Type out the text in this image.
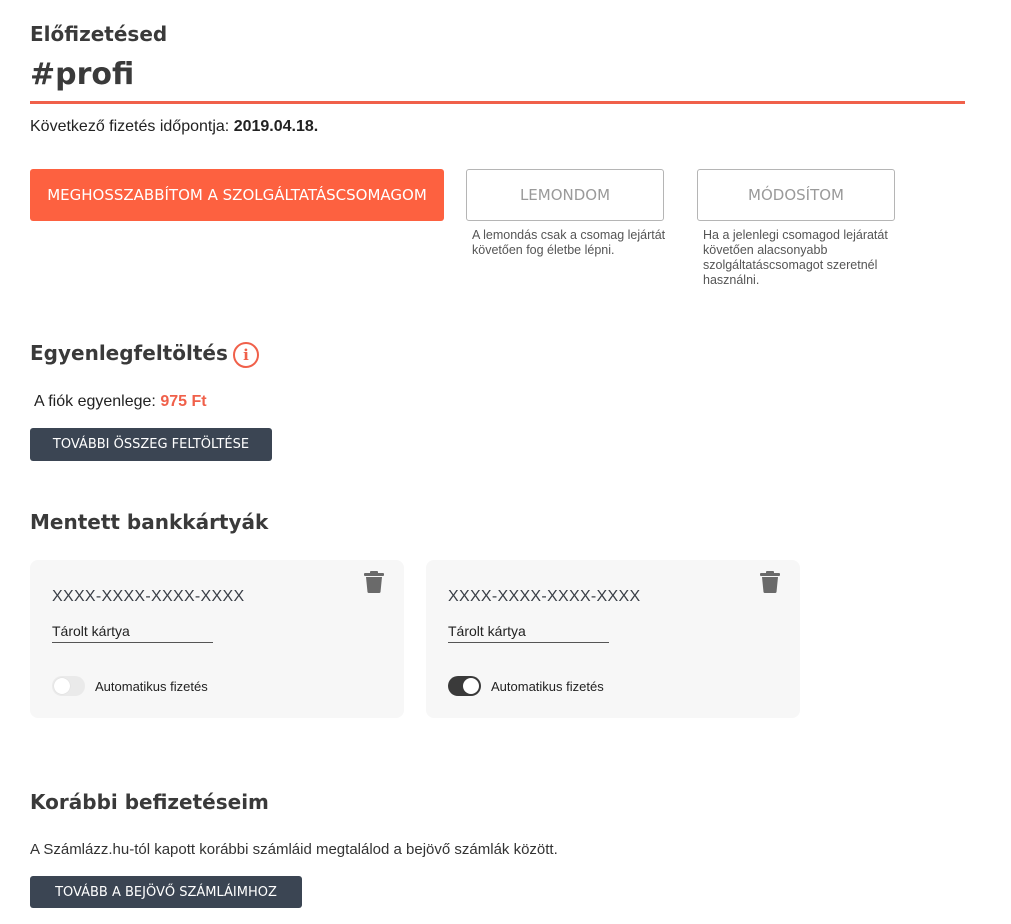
Előfizetésed
#profi
Következő fizetés időpontja: 2019.04.18.
MEGHOSSZABBÍTOM A SZOLGÁLTATÁSCSOMAGOM	LEMONDOM
A lemondás csak a csomag lejártát követően fog életbe lépni.
MÓDOSÍTOM
Ha a jelenlegi csomagod lejáratát követően alacsonyabb szolgáltatáscsomagot szeretnél használni.
Egyenlegfeltöltés	i
A fiók egyenlege: 975 Ft
TOVÁBBI ÖSSZEG FELTÖLTÉSE
Mentett bankkártyák
XXXX-XXXX-XXXX-XXXX
Tárolt kártya
Automatikus fizetés
XXXX-XXXX-XXXX-XXXX
Tárolt kártya
Automatikus fizetés
Korábbi befizetéseim
A Számlázz.hu-tól kapott korábbi számláid megtalálod a bejövő számlák között.
TOVÁBB A BEJÖVŐ SZÁMLÁIMHOZ
